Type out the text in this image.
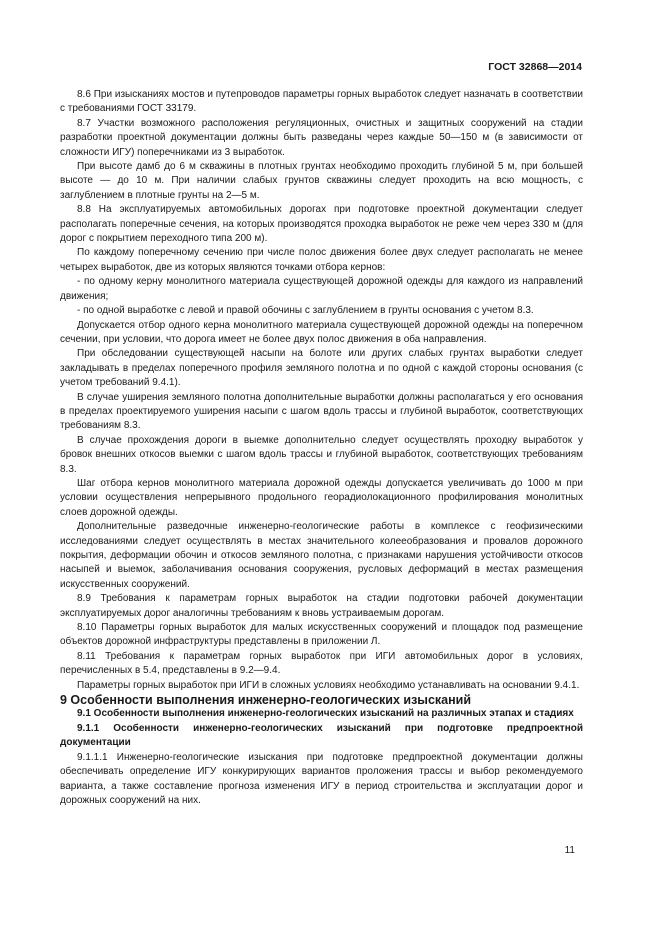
ГОСТ 32868—2014

8.6 При изысканиях мостов и путепроводов параметры горных выработок следует назначать в соответствии с требованиями ГОСТ 33179.

8.7 Участки возможного расположения регуляционных, очистных и защитных сооружений на стадии разработки проектной документации должны быть разведаны через каждые 50—150 м (в зависимости от сложности ИГУ) поперечниками из 3 выработок.

При высоте дамб до 6 м скважины в плотных грунтах необходимо проходить глубиной 5 м, при большей высоте — до 10 м. При наличии слабых грунтов скважины следует проходить на всю мощность, с заглублением в плотные грунты на 2—5 м.

8.8 На эксплуатируемых автомобильных дорогах при подготовке проектной документации следует располагать поперечные сечения, на которых производятся проходка выработок не реже чем через 330 м (для дорог с покрытием переходного типа 200 м).

По каждому поперечному сечению при числе полос движения более двух следует располагать не менее четырех выработок, две из которых являются точками отбора кернов:

- по одному керну монолитного материала существующей дорожной одежды для каждого из направлений движения;

- по одной выработке с левой и правой обочины с заглублением в грунты основания с учетом 8.3.

Допускается отбор одного керна монолитного материала существующей дорожной одежды на поперечном сечении, при условии, что дорога имеет не более двух полос движения в оба направления.

При обследовании существующей насыпи на болоте или других слабых грунтах выработки следует закладывать в пределах поперечного профиля земляного полотна и по одной с каждой стороны основания (с учетом требований 9.4.1).

В случае уширения земляного полотна дополнительные выработки должны располагаться у его основания в пределах проектируемого уширения насыпи с шагом вдоль трассы и глубиной выработок, соответствующих требованиям 8.3.

В случае прохождения дороги в выемке дополнительно следует осуществлять проходку выработок у бровок внешних откосов выемки с шагом вдоль трассы и глубиной выработок, соответствующих требованиям 8.3.

Шаг отбора кернов монолитного материала дорожной одежды допускается увеличивать до 1000 м при условии осуществления непрерывного продольного георадиолокационного профилирования монолитных слоев дорожной одежды.

Дополнительные разведочные инженерно-геологические работы в комплексе с геофизическими исследованиями следует осуществлять в местах значительного колееобразования и провалов дорожного покрытия, деформации обочин и откосов земляного полотна, с признаками нарушения устойчивости откосов насыпей и выемок, заболачивания основания сооружения, русловых деформаций в местах размещения искусственных сооружений.

8.9 Требования к параметрам горных выработок на стадии подготовки рабочей документации эксплуатируемых дорог аналогичны требованиям к вновь устраиваемым дорогам.

8.10 Параметры горных выработок для малых искусственных сооружений и площадок под размещение объектов дорожной инфраструктуры представлены в приложении Л.

8.11 Требования к параметрам горных выработок при ИГИ автомобильных дорог в условиях, перечисленных в 5.4, представлены в 9.2—9.4.

Параметры горных выработок при ИГИ в сложных условиях необходимо устанавливать на основании 9.4.1.

9 Особенности выполнения инженерно-геологических изысканий

9.1 Особенности выполнения инженерно-геологических изысканий на различных этапах и стадиях

9.1.1 Особенности инженерно-геологических изысканий при подготовке предпроектной документации

9.1.1.1 Инженерно-геологические изыскания при подготовке предпроектной документации должны обеспечивать определение ИГУ конкурирующих вариантов проложения трассы и выбор рекомендуемого варианта, а также составление прогноза изменения ИГУ в период строительства и эксплуатации дорог и дорожных сооружений на них.

11
